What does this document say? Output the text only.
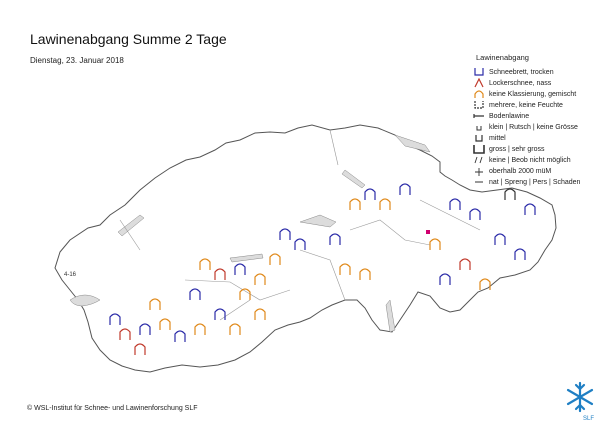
Lawinenabgang Summe 2 Tage
Dienstag, 23. Januar 2018
4-16
Lawinenabgang
Schneebrett, trocken
Lockerschnee, nass
keine Klassierung, gemischt
mehrere, keine Feuchte
Bodenlawine
klein | Rutsch | keine Grösse
mittel
gross | sehr gross
keine | Beob nicht möglich
oberhalb 2000 müM
nat | Spreng | Pers | Schaden
© WSL-Institut für Schnee- und Lawinenforschung SLF
SLF
